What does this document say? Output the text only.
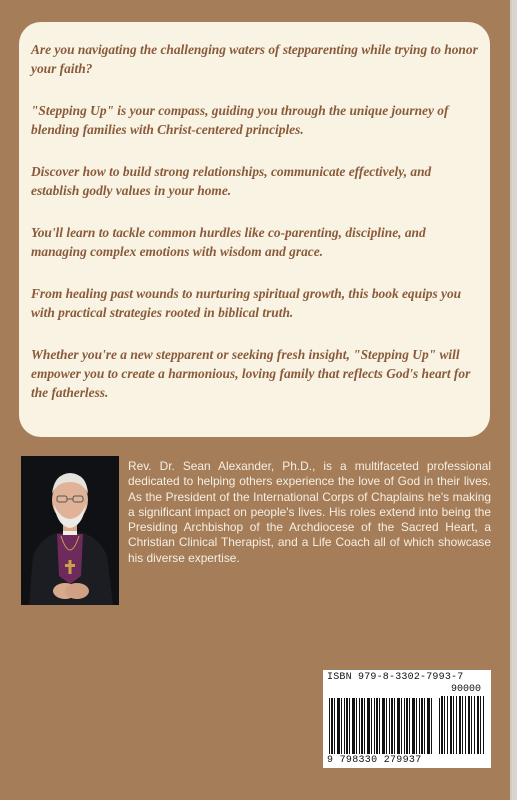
Are you navigating the challenging waters of stepparenting while trying to honor your faith?

"Stepping Up" is your compass, guiding you through the unique journey of blending families with Christ-centered principles.

Discover how to build strong relationships, communicate effectively, and establish godly values in your home.

You'll learn to tackle common hurdles like co-parenting, discipline, and managing complex emotions with wisdom and grace.

From healing past wounds to nurturing spiritual growth, this book equips you with practical strategies rooted in biblical truth.

Whether you're a new stepparent or seeking fresh insight, "Stepping Up" will empower you to create a harmonious, loving family that reflects God's heart for the fatherless.

Rev. Dr. Sean Alexander, Ph.D., is a multifaceted professional dedicated to helping others experience the love of God in their lives. As the President of the International Corps of Chaplains he's making a significant impact on people's lives. His roles extend into being the Presiding Archbishop of the Archdiocese of the Sacred Heart, a Christian Clinical Therapist, and a Life Coach all of which showcase his diverse expertise.
ISBN 979-8-3302-7993-7
90000
9 798330 279937
